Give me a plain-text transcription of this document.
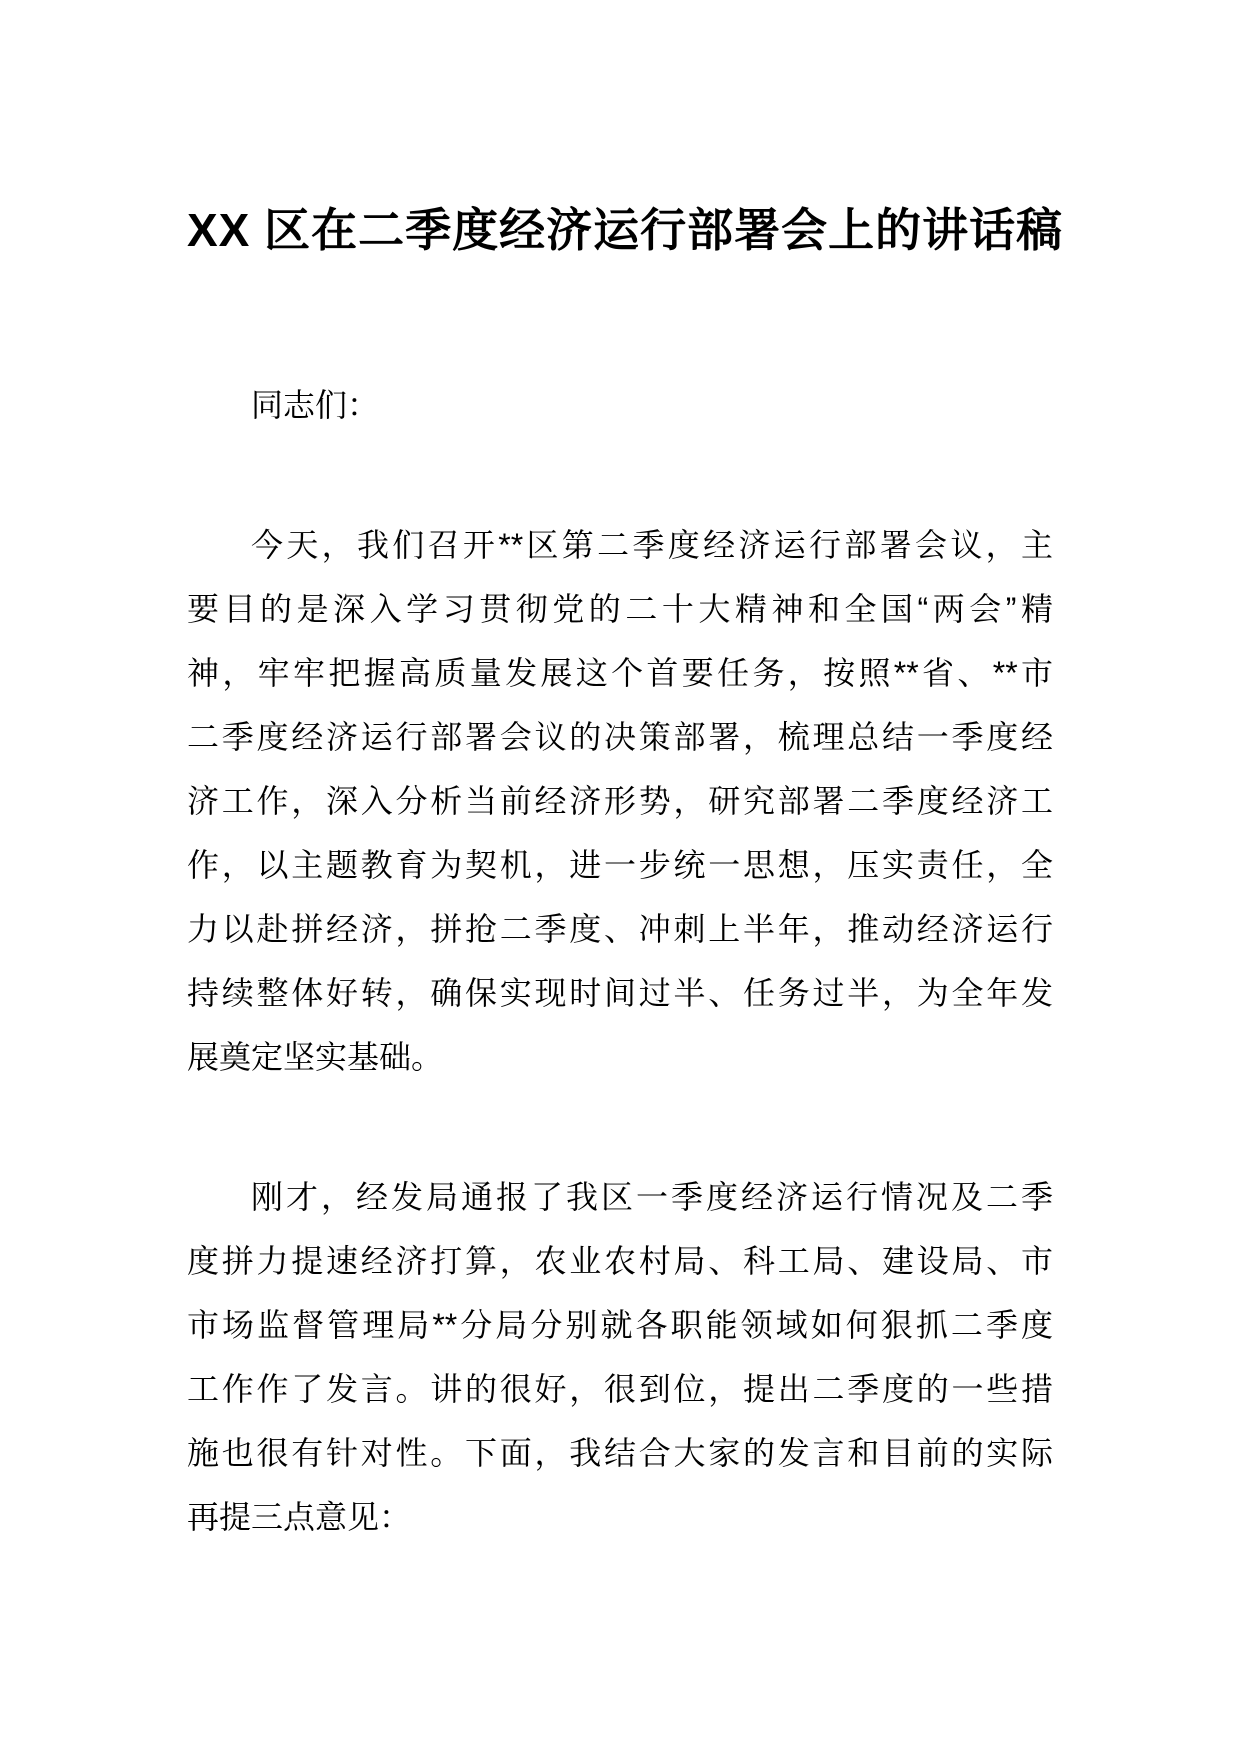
XX 区在二季度经济运行部署会上的讲话稿
同志们：
今天，我们召开**区第二季度经济运行部署会议，主
要目的是深入学习贯彻党的二十大精神和全国“两会”精
神，牢牢把握高质量发展这个首要任务，按照**省、**市
二季度经济运行部署会议的决策部署，梳理总结一季度经
济工作，深入分析当前经济形势，研究部署二季度经济工
作，以主题教育为契机，进一步统一思想，压实责任，全
力以赴拼经济，拼抢二季度、冲刺上半年，推动经济运行
持续整体好转，确保实现时间过半、任务过半，为全年发
展奠定坚实基础。
刚才，经发局通报了我区一季度经济运行情况及二季
度拼力提速经济打算，农业农村局、科工局、建设局、市
市场监督管理局**分局分别就各职能领域如何狠抓二季度
工作作了发言。讲的很好，很到位，提出二季度的一些措
施也很有针对性。下面，我结合大家的发言和目前的实际
再提三点意见：
